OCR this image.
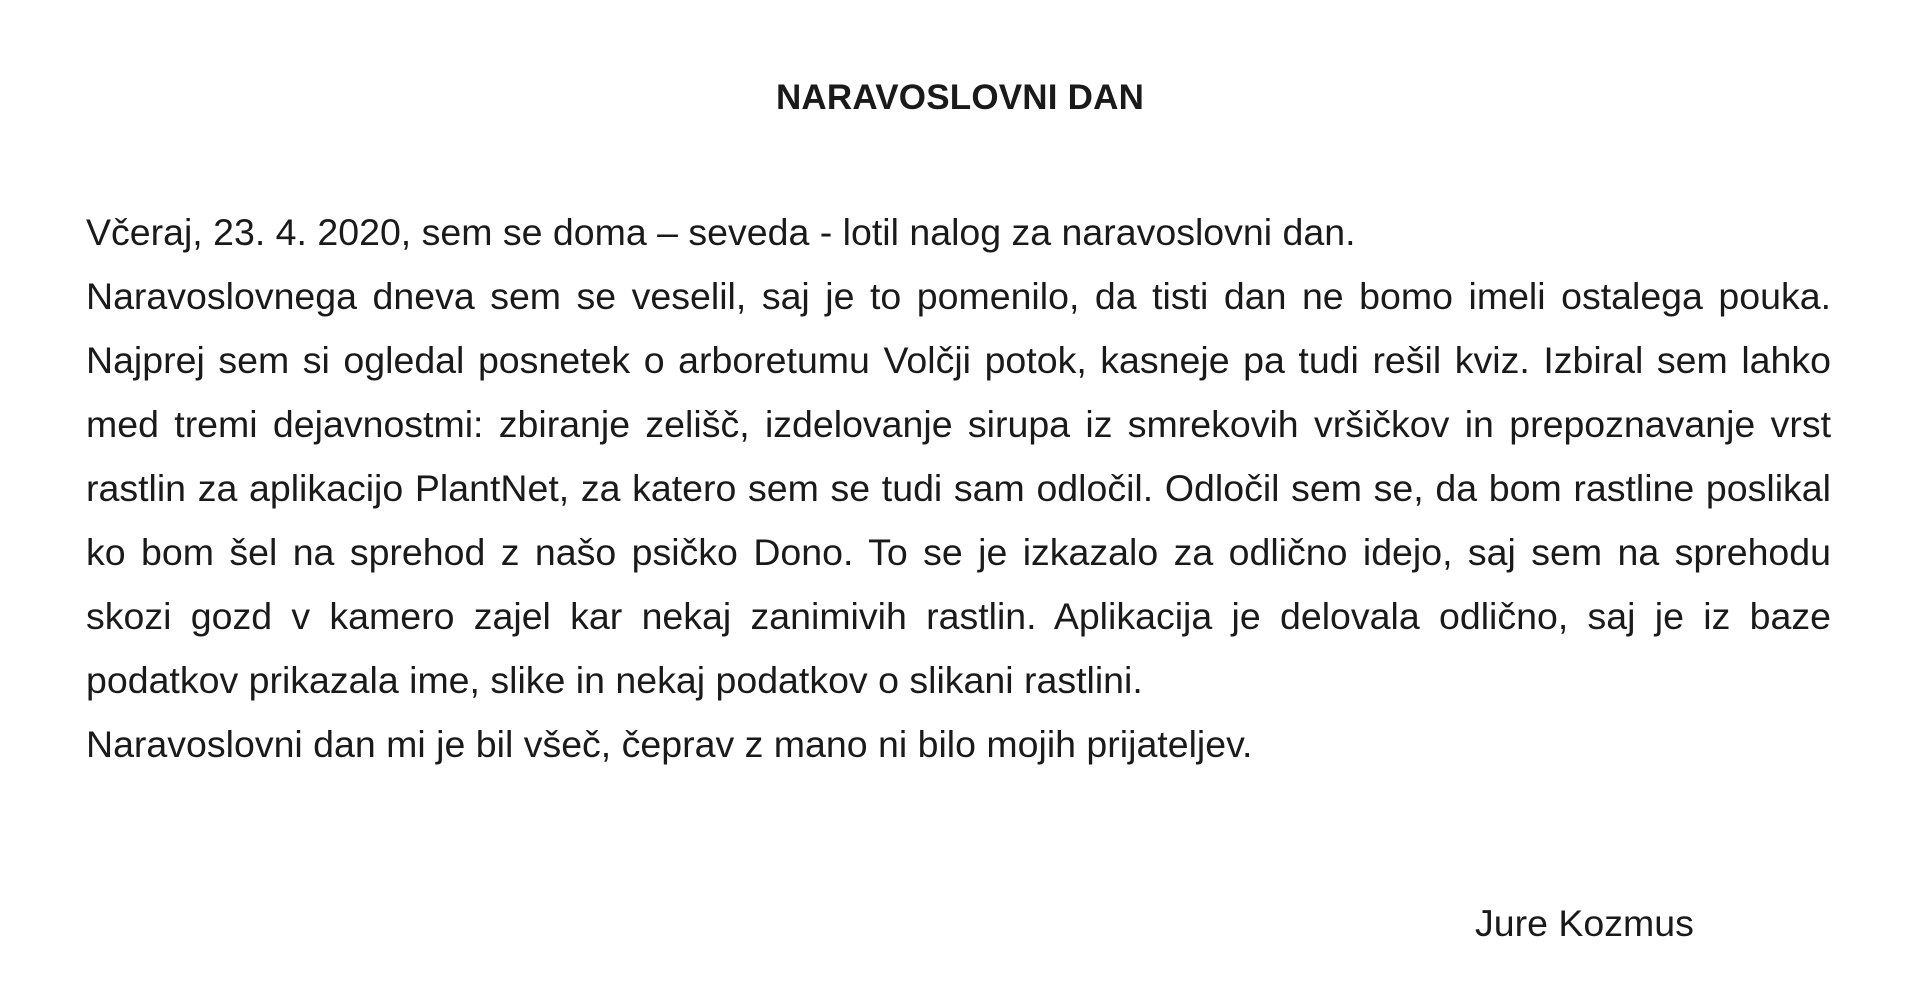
NARAVOSLOVNI DAN

Včeraj, 23. 4. 2020, sem se doma – seveda - lotil nalog za naravoslovni dan.

Naravoslovnega dneva sem se veselil, saj je to pomenilo, da tisti dan ne bomo imeli ostalega pouka. Najprej sem si ogledal posnetek o arboretumu Volčji potok, kasneje pa tudi rešil kviz. Izbiral sem lahko med tremi dejavnostmi: zbiranje zelišč, izdelovanje sirupa iz smrekovih vršičkov in prepoznavanje vrst rastlin za aplikacijo PlantNet, za katero sem se tudi sam odločil. Odločil sem se, da bom rastline poslikal ko bom šel na sprehod z našo psičko Dono. To se je izkazalo za odlično idejo, saj sem na sprehodu skozi gozd v kamero zajel kar nekaj zanimivih rastlin. Aplikacija je delovala odlično, saj je iz baze podatkov prikazala ime, slike in nekaj podatkov o slikani rastlini.

Naravoslovni dan mi je bil všeč, čeprav z mano ni bilo mojih prijateljev.

Jure Kozmus
